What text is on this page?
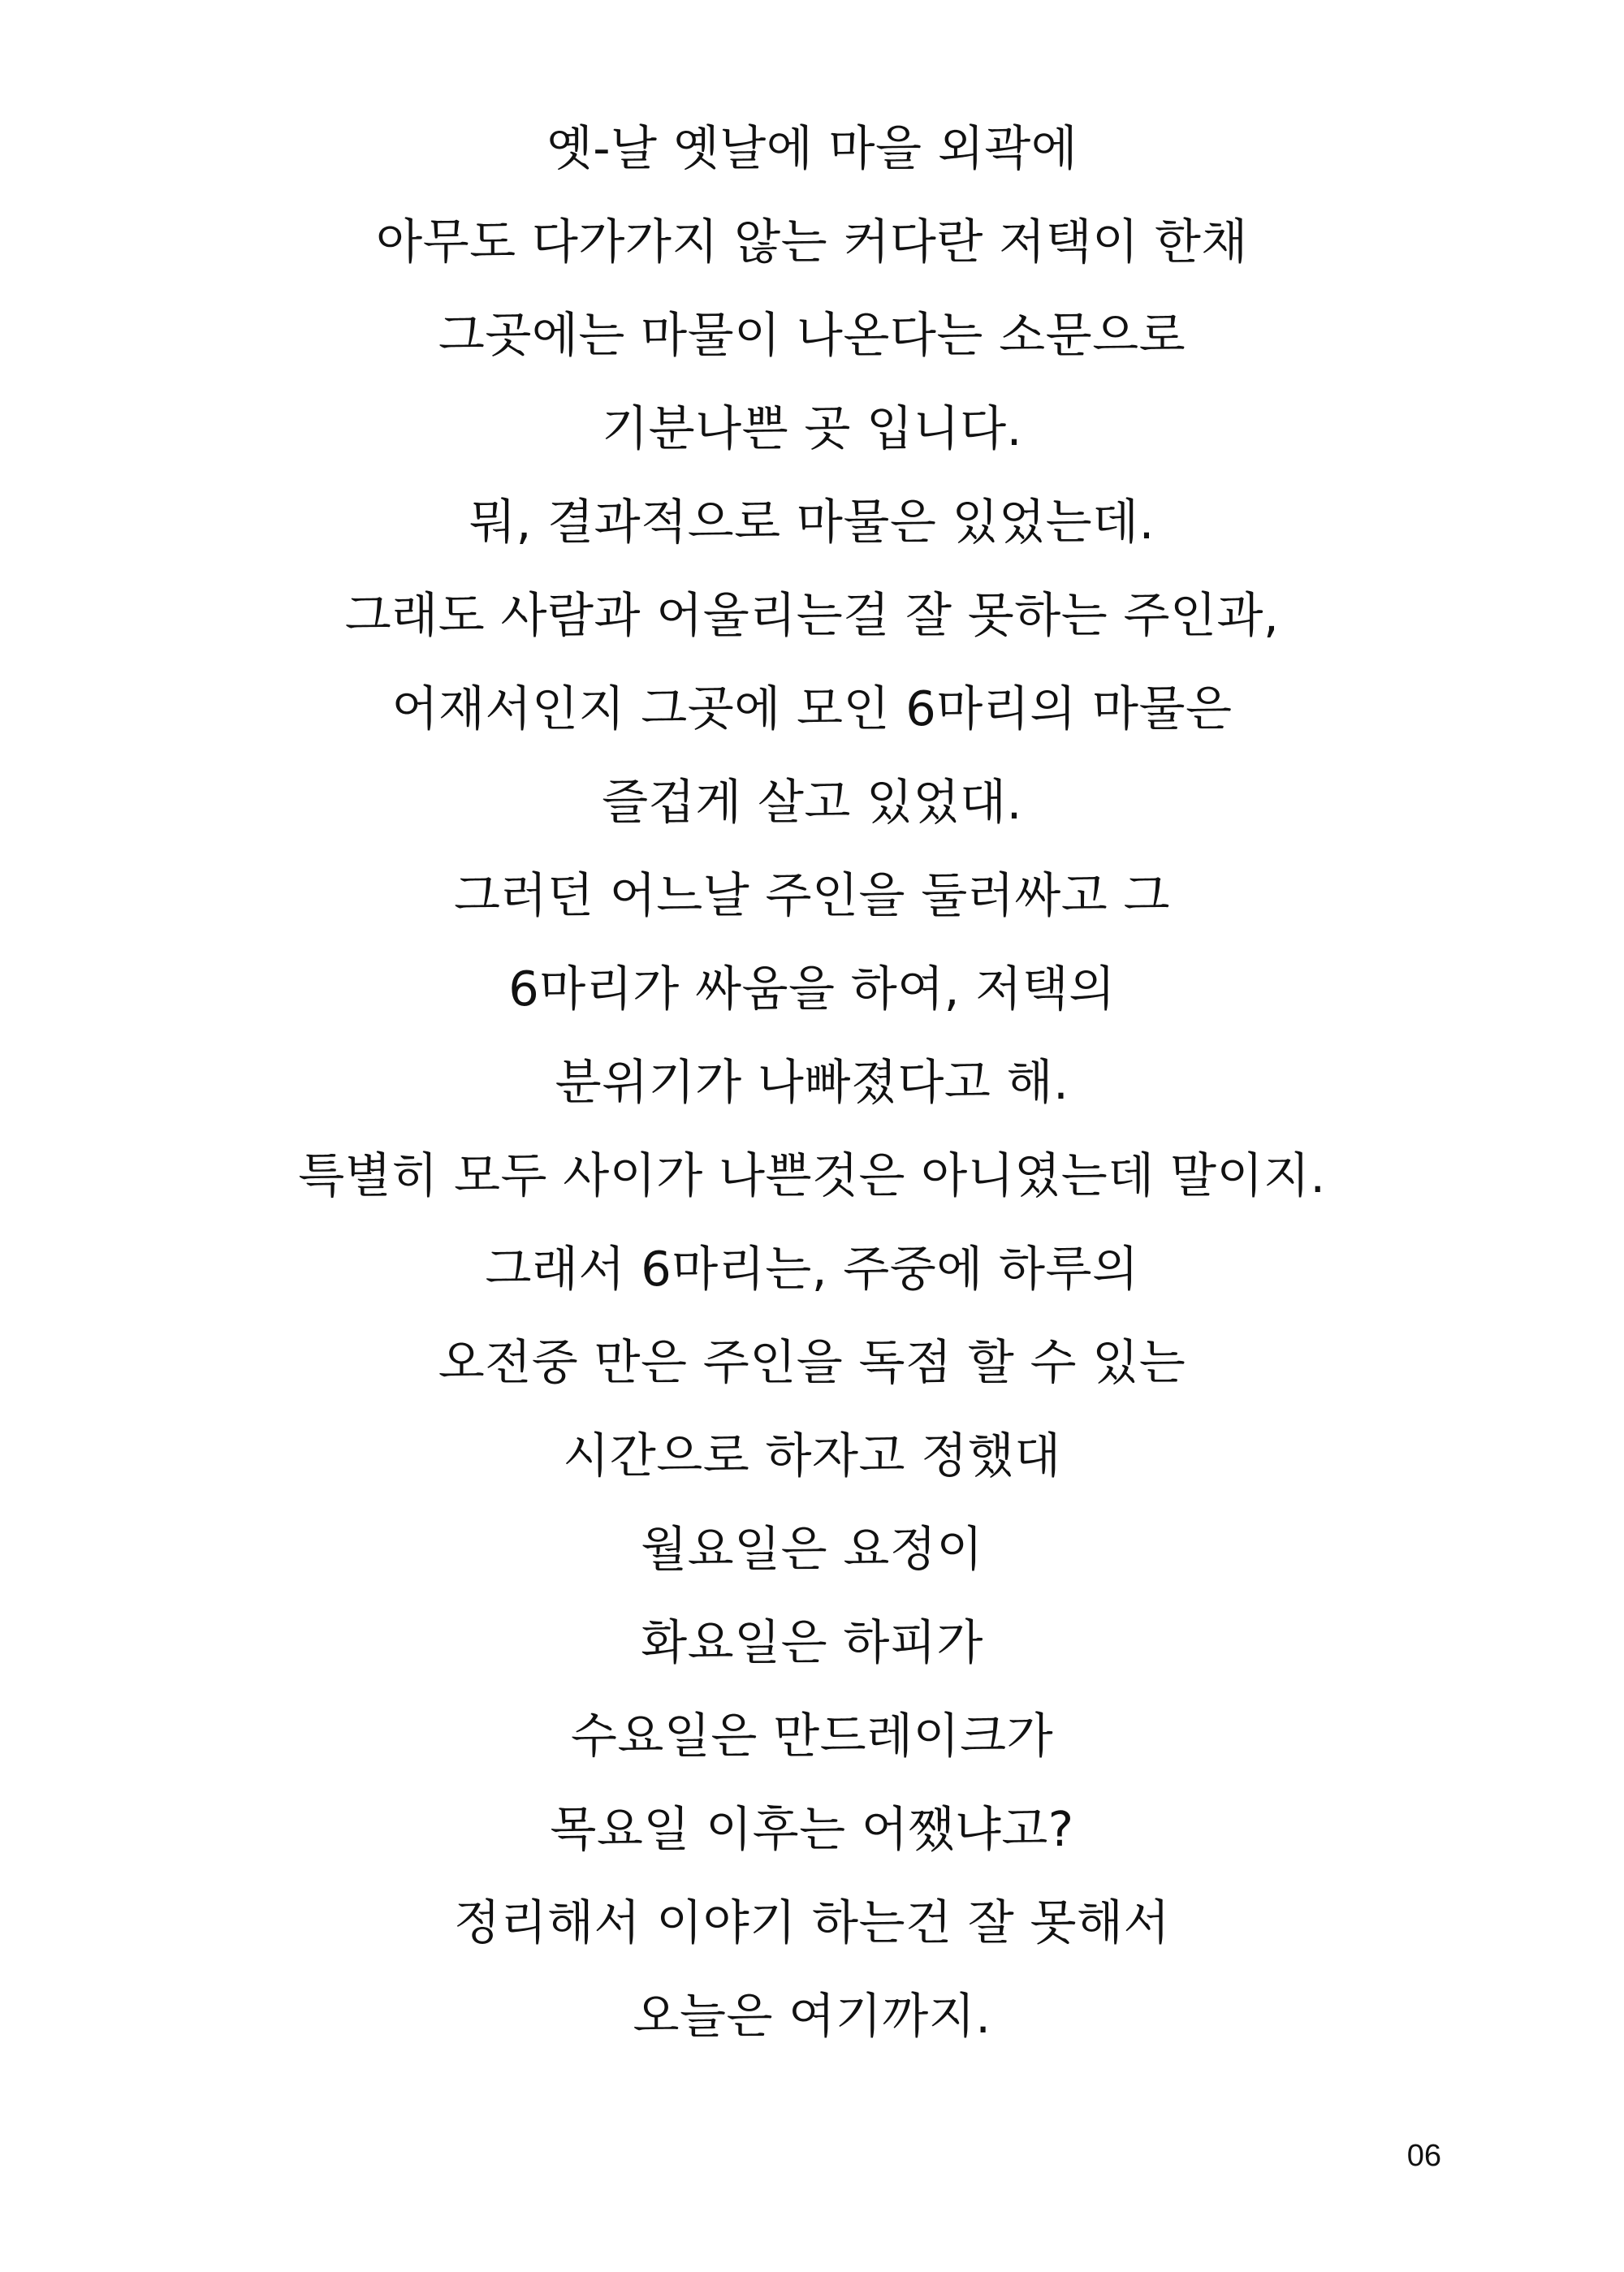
옛-날 옛날에 마을 외곽에
아무도 다가가지 않는 커다란 저택이 한채
그곳에는 마물이 나온다는 소문으로
기분나쁜 곳 입니다.
뭐, 결과적으로 마물은 있었는데.
그래도 사람과 어울리는걸 잘 못하는 주인과,
어재서인지 그곳에 모인 6마리의 마물은
즐겁게 살고 있었대.
그러던 어느날 주인을 둘러싸고 그
6마리가 싸움을 하여, 저택의
분위기가 나빠졌다고 해.
특별히 모두 사이가 나쁜것은 아니였는데 말이지.
그래서 6마리는, 주중에 하루의
오전중 만은 주인을 독점 할 수 있는
시간으로 하자고 정했대
월요일은 요정이
화요일은 하피가
수요일은 만드레이크가
목요일 이후는 어쨌냐고?
정리해서 이야기 하는건 잘 못해서
오늘은 여기까지.
06
